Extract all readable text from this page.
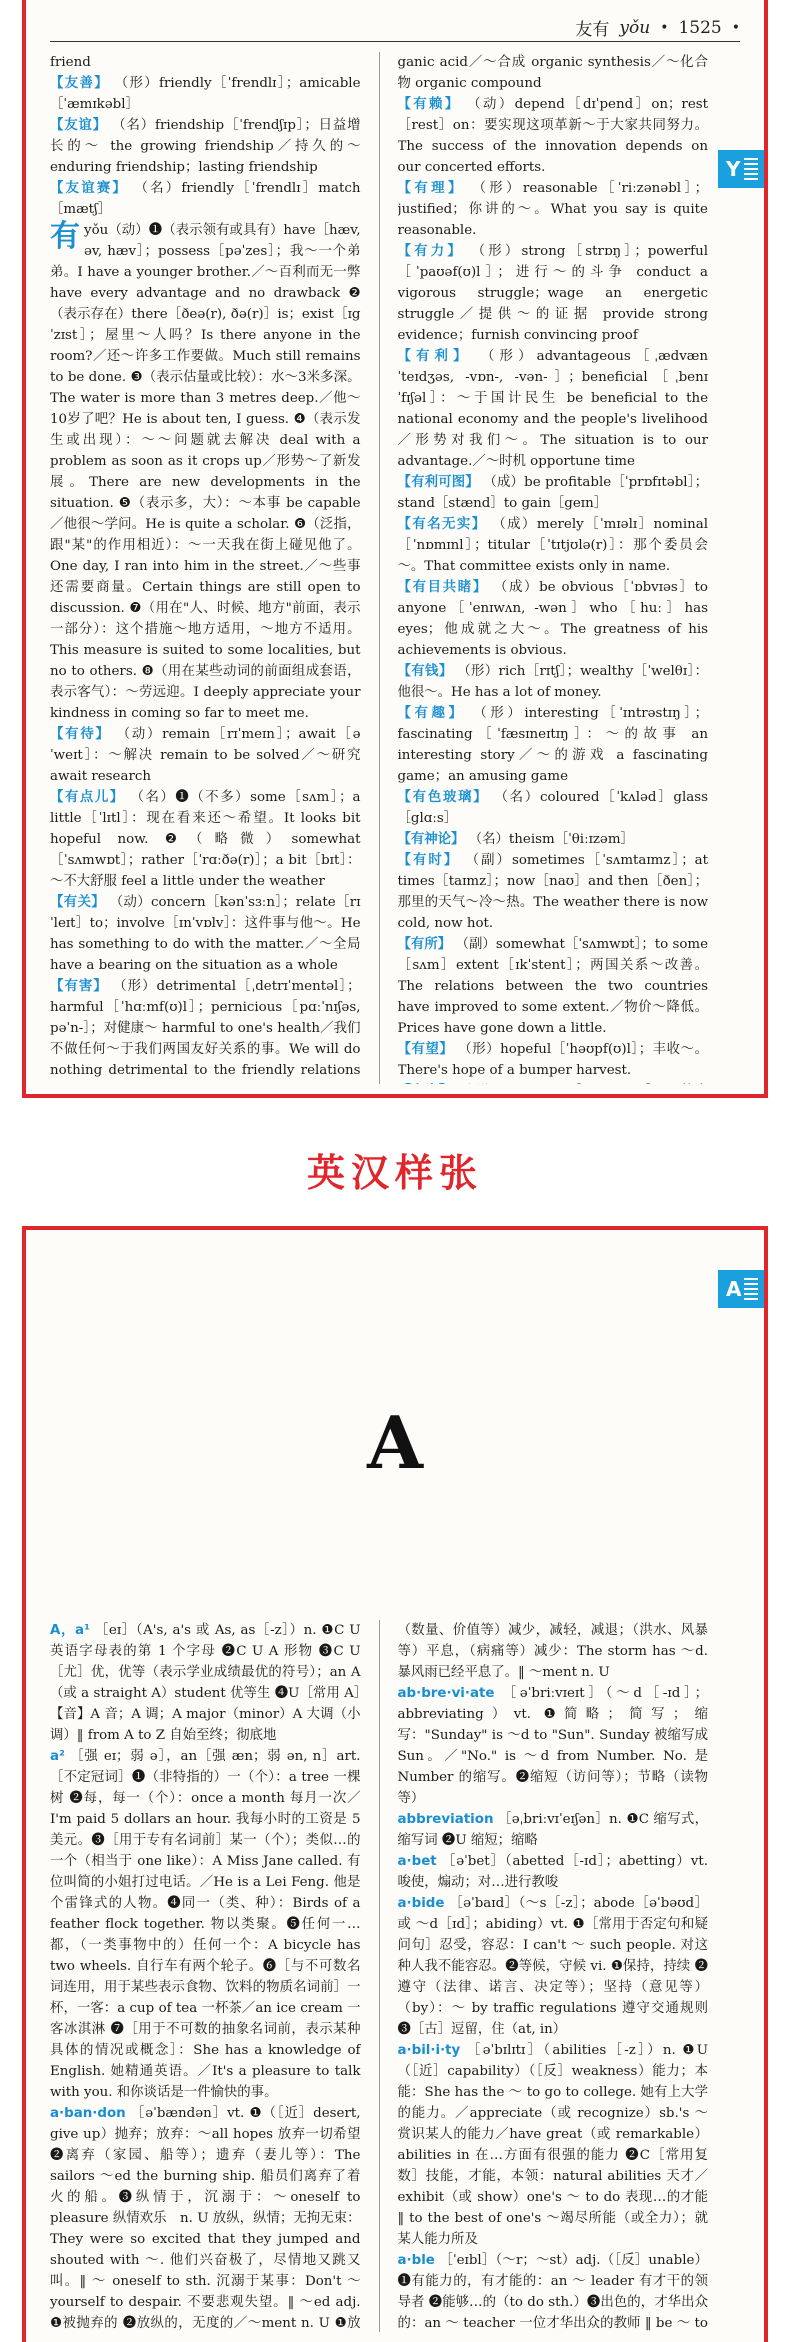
友有 yǒu • 1525 •
Y

friend

【友善】 （形）friendly［ˈfrendlɪ］；amicable［ˈæmɪkəbl］

【友谊】 （名）friendship［ˈfrendʃɪp］；日益增长的～ the growing friendship／持久的～ enduring friendship；lasting friendship

【友谊赛】 （名）friendly［ˈfrendlɪ］match［mætʃ］

有yǒu（动）❶（表示领有或具有）have［hæv, əv, hæv］；possess［pəˈzes］；我～一个弟弟。I have a younger brother.／～百利而无一弊 have every advantage and no drawback ❷（表示存在）there［ðeə(r), ðə(r)］is；exist［ɪgˈzɪst］；屋里～人吗？Is there anyone in the room?／还～许多工作要做。Much still remains to be done. ❸（表示估量或比较）：水～3米多深。The water is more than 3 metres deep.／他～10岁了吧？He is about ten, I guess. ❹（表示发生或出现）：～～问题就去解决 deal with a problem as soon as it crops up／形势～了新发展。There are new developments in the situation. ❺（表示多，大）：～本事 be capable／他很～学问。He is quite a scholar. ❻（泛指，跟"某"的作用相近）：～一天我在街上碰见他了。One day, I ran into him in the street.／～些事还需要商量。Certain things are still open to discussion. ❼（用在"人、时候、地方"前面，表示一部分）：这个措施～地方适用，～地方不适用。This measure is suited to some localities, but no to others. ❽（用在某些动词的前面组成套语，表示客气）：～劳远迎。I deeply appreciate your kindness in coming so far to meet me.

【有待】 （动）remain［rɪˈmeɪn］；await［əˈweɪt］：～解决 remain to be solved／～研究 await research

【有点儿】 （名）❶（不多）some［sʌm］；a little［ˈlɪtl］：现在看来还～希望。It looks bit hopeful now. ❷（略微）somewhat［ˈsʌmwɒt］；rather［ˈrɑːðə(r)］；a bit［bɪt］：～不大舒服 feel a little under the weather

【有关】 （动）concern［kənˈsɜːn］；relate［rɪˈleɪt］to；involve［ɪnˈvɒlv］：这件事与他～。He has something to do with the matter.／～全局 have a bearing on the situation as a whole

【有害】 （形）detrimental［ˌdetrɪˈmentəl］；harmful［ˈhɑːmf(ʊ)l］；pernicious［pɑːˈnɪʃəs, pəˈn-］；对健康～ harmful to one's health／我们不做任何～于我们两国友好关系的事。We will do nothing detrimental to the friendly relations

ganic acid／～合成 organic synthesis／～化合物 organic compound

【有赖】 （动）depend［dɪˈpend］on；rest［rest］on：要实现这项革新～于大家共同努力。The success of the innovation depends on our concerted efforts.

【有理】 （形）reasonable［ˈriːzənəbl］；justified；你讲的～。What you say is quite reasonable.

【有力】 （形）strong［strɒŋ］；powerful［ˈpaʊəf(ʊ)l］；进行～的斗争 conduct a vigorous struggle；wage an energetic struggle／提供～的证据 provide strong evidence；furnish convincing proof

【有利】 （形）advantageous［ˌædvænˈteɪdʒəs, -vɒn-, -vən-］；beneficial［ˌbenɪˈfɪʃəl］：～于国计民生 be beneficial to the national economy and the people's livelihood／形势对我们～。The situation is to our advantage.／～时机 opportune time

【有利可图】 （成）be profitable［ˈprɒfɪtəbl］；stand［stænd］to gain［geɪn］

【有名无实】 （成）merely［ˈmɪəlɪ］nominal［ˈnɒmɪnl］；titular［ˈtɪtjʊlə(r)］：那个委员会～。That committee exists only in name.

【有目共睹】 （成）be obvious［ˈɒbvɪəs］to anyone［ˈenɪwʌn, -wən］who［huː］has eyes；他成就之大～。The greatness of his achievements is obvious.

【有钱】 （形）rich［rɪtʃ］；wealthy［ˈwelθɪ］：他很～。He has a lot of money.

【有趣】 （形）interesting［ˈɪntrəstɪŋ］；fascinating［ˈfæsɪneɪtɪŋ］：～的故事 an interesting story／～的游戏 a fascinating game；an amusing game

【有色玻璃】 （名）coloured［ˈkʌləd］glass［glɑːs］

【有神论】 （名）theism［ˈθiːɪzəm］

【有时】 （副）sometimes［ˈsʌmtaɪmz］；at times［taɪmz］；now［naʊ］and then［ðen］；那里的天气～冷～热。The weather there is now cold, now hot.

【有所】 （副）somewhat［ˈsʌmwɒt］；to some［sʌm］extent［ɪkˈstent］；两国关系～改善。The relations between the two countries have improved to some extent.／物价～降低。Prices have gone down a little.

【有望】 （形）hopeful［ˈhəʊpf(ʊ)l］；丰收～。There's hope of a bumper harvest.

英汉样张
A
A

A，a¹ ［eɪ］（A's, a's 或 As, as［-z］）n. ❶C U 英语字母表的第 1 个字母 ❷C U A 形物 ❸C U［尤］优，优等（表示学业成绩最优的符号）；an A（或 a straight A）student 优等生 ❹U［常用 A］【音】A 音；A 调；A major（minor）A 大调（小调）‖ from A to Z 自始至终；彻底地

a² ［强 eɪ；弱 ə］，an［强 æn；弱 ən, n］art.［不定冠词］❶（非特指的）一（个）：a tree 一棵树 ❷每，每一（个）：once a month 每月一次／I'm paid 5 dollars an hour. 我每小时的工资是 5 美元。❸［用于专有名词前］某一（个）；类似…的一个（相当于 one like）：A Miss Jane called. 有位叫简的小姐打过电话。／He is a Lei Feng. 他是个雷锋式的人物。❹同一（类、种）：Birds of a feather flock together. 物以类聚。❺任何一…都，（一类事物中的）任何一个：A bicycle has two wheels. 自行车有两个轮子。❻［与不可数名词连用，用于某些表示食物、饮料的物质名词前］一杯，一客：a cup of tea 一杯茶／an ice cream 一客冰淇淋 ❼［用于不可数的抽象名词前，表示某种具体的情况或概念］：She has a knowledge of English. 她精通英语。／It's a pleasure to talk with you. 和你谈话是一件愉快的事。

a·ban·don ［əˈbændən］vt. ❶（［近］desert, give up）抛弃；放弃：～all hopes 放弃一切希望 ❷离弃（家园、船等）；遗弃（妻儿等）：The sailors ～ed the burning ship. 船员们离弃了着火的船。❸纵情于，沉溺于：～oneself to pleasure 纵情欢乐　n. U 放纵，纵情；无拘无束：They were so excited that they jumped and shouted with ～. 他们兴奋极了，尽情地又跳又叫。‖ ～ oneself to sth. 沉溺于某事：Don't ～ yourself to despair. 不要悲观失望。‖ ～ed adj. ❶被抛弃的 ❷放纵的，无度的／～ment n. U ❶放

（数量、价值等）减少，减轻，减退；（洪水、风暴等）平息，（病痛等）减少：The storm has ～d. 暴风雨已经平息了。‖ ～ment n. U

ab·bre·vi·ate ［əˈbriːvɪeɪt］（～d［-ɪd］；abbreviating）vt. ❶简略；简写；缩写："Sunday" is ～d to "Sun". Sunday 被缩写成 Sun。／"No." is ～d from Number. No. 是 Number 的缩写。❷缩短（访问等）；节略（读物等）

abbreviation ［əˌbriːvɪˈeɪʃən］n. ❶C 缩写式，缩写词 ❷U 缩短；缩略

a·bet ［əˈbet］（abetted［-ɪd］；abetting）vt. 唆使，煽动；对…进行教唆

a·bide ［əˈbaɪd］（～s［-z］；abode［əˈbəʊd］或 ～d［ɪd］；abiding）vt. ❶［常用于否定句和疑问句］忍受，容忍：I can't ～ such people. 对这种人我不能容忍。❷等候，守候 vi. ❶保持，持续 ❷遵守（法律、诺言、决定等）；坚持（意见等）（by）：～ by traffic regulations 遵守交通规则 ❸［古］逗留，住（at, in）

a·bil·i·ty ［əˈbɪlɪtɪ］（abilities［-z］）n. ❶U（［近］capability）（［反］weakness）能力；本能：She has the ～ to go to college. 她有上大学的能力。／appreciate（或 recognize）sb.'s ～ 赏识某人的能力／have great（或 remarkable）abilities in 在…方面有很强的能力 ❷C［常用复数］技能，才能，本领：natural abilities 天才／exhibit（或 show）one's ～ to do 表现…的才能 ‖ to the best of one's ～竭尽所能（或全力）；就某人能力所及

a·ble ［ˈeɪbl］（～r；～st）adj.（［反］unable）❶有能力的，有才能的：an ～ leader 有才干的领导者 ❷能够…的（to do sth.）❸出色的，才华出众的：an ～ teacher 一位才华出众的教师 ‖ be ～ to
